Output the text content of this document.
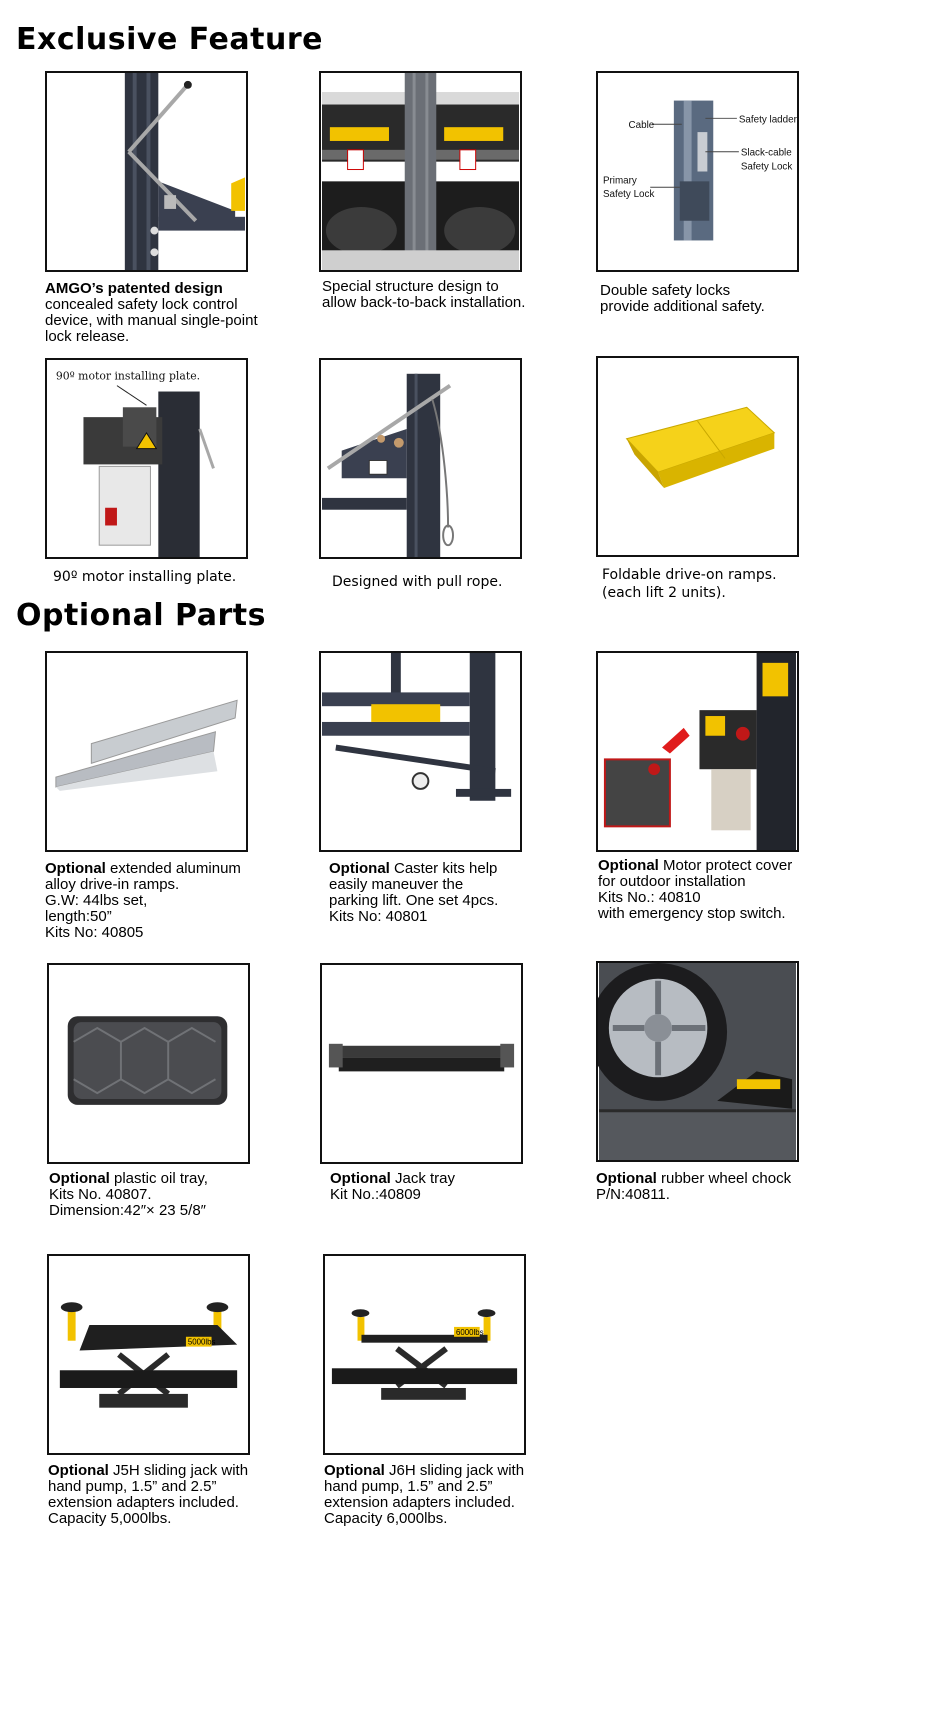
Exclusive Feature
Optional Parts
AMGO’s patented design
concealed safety lock control
device, with manual single-point
lock release.
Special structure design to
allow back-to-back installation.
Cable
Safety ladder
Slack-cable
Safety Lock
Primary
Safety Lock
Double safety locks
provide additional safety.
90º motor installing plate.
90º motor installing plate.	Designed with pull rope.	Foldable drive-on ramps.
(each lift 2 units).
Optional extended aluminum
alloy drive-in ramps.
G.W: 44lbs set,
length:50”
Kits No: 40805
Optional Caster kits help
easily maneuver the
parking lift. One set 4pcs.
Kits No: 40801
Optional Motor protect cover
for outdoor installation
Kits No.: 40810
with emergency stop switch.
Optional plastic oil tray,
Kits No. 40807.
Dimension:42″× 23 5/8″
Optional Jack tray
Kit No.:40809
Optional rubber wheel chock
P/N:40811.
5000lbs
Optional J5H sliding jack with
hand pump, 1.5” and 2.5”
extension adapters included.
Capacity 5,000lbs.
6000lbs
Optional J6H sliding jack with
hand pump, 1.5” and 2.5”
extension adapters included.
Capacity 6,000lbs.
